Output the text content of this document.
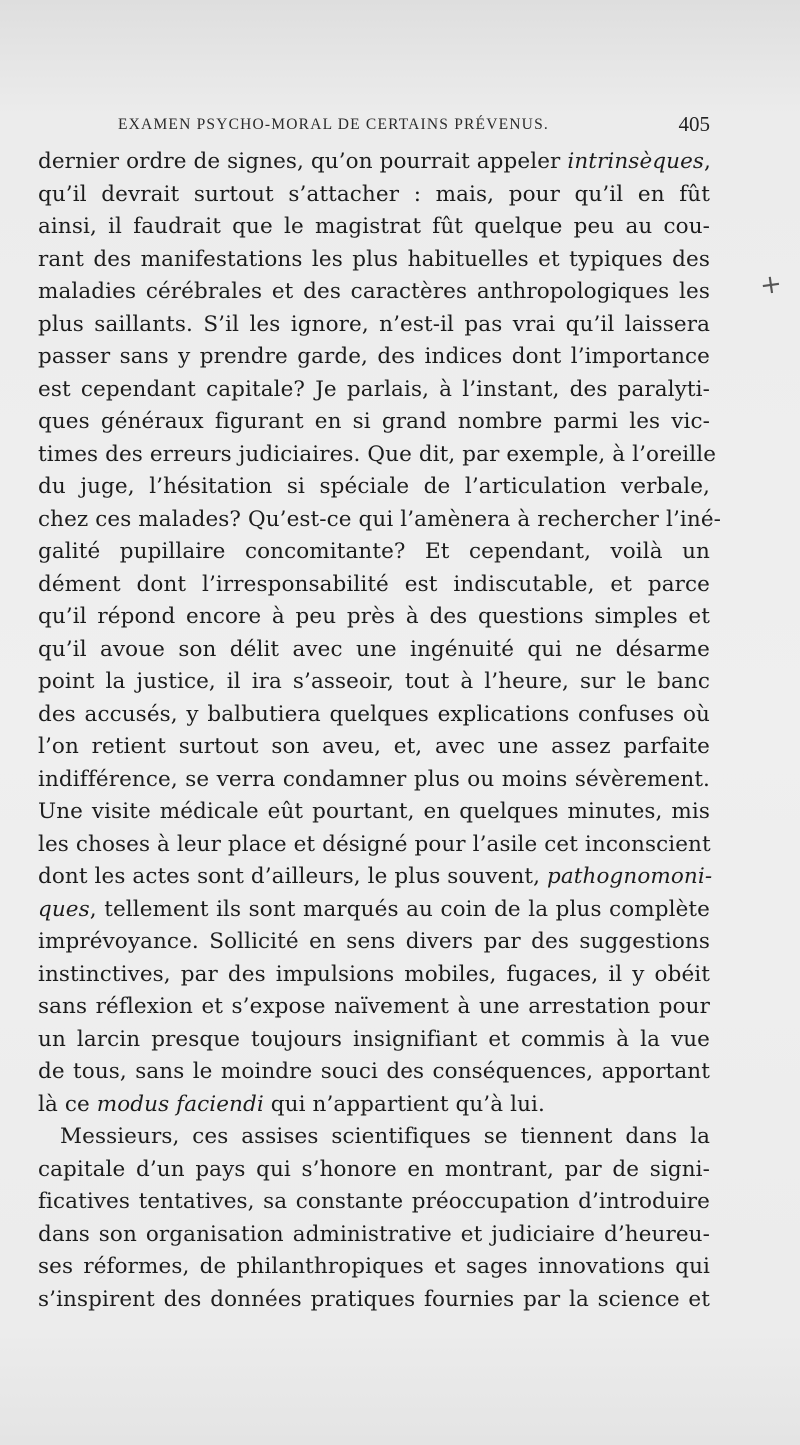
EXAMEN PSYCHO-MORAL DE CERTAINS PRÉVENUS.	405
dernier ordre de signes, qu’on pourrait appeler intrinsèques,
qu’il devrait surtout s’attacher : mais, pour qu’il en fût
ainsi, il faudrait que le magistrat fût quelque peu au cou-
rant des manifestations les plus habituelles et typiques des
maladies cérébrales et des caractères anthropologiques les
plus saillants. S’il les ignore, n’est-il pas vrai qu’il laissera
passer sans y prendre garde, des indices dont l’importance
est cependant capitale? Je parlais, à l’instant, des paralyti-
ques généraux figurant en si grand nombre parmi les vic-
times des erreurs judiciaires. Que dit, par exemple, à l’oreille
du juge, l’hésitation si spéciale de l’articulation verbale,
chez ces malades? Qu’est-ce qui l’amènera à rechercher l’iné-
galité pupillaire concomitante? Et cependant, voilà un
dément dont l’irresponsabilité est indiscutable, et parce
qu’il répond encore à peu près à des questions simples et
qu’il avoue son délit avec une ingénuité qui ne désarme
point la justice, il ira s’asseoir, tout à l’heure, sur le banc
des accusés, y balbutiera quelques explications confuses où
l’on retient surtout son aveu, et, avec une assez parfaite
indifférence, se verra condamner plus ou moins sévèrement.
Une visite médicale eût pourtant, en quelques minutes, mis
les choses à leur place et désigné pour l’asile cet inconscient
dont les actes sont d’ailleurs, le plus souvent, pathognomoni-
ques, tellement ils sont marqués au coin de la plus complète
imprévoyance. Sollicité en sens divers par des suggestions
instinctives, par des impulsions mobiles, fugaces, il y obéit
sans réflexion et s’expose naïvement à une arrestation pour
un larcin presque toujours insignifiant et commis à la vue
de tous, sans le moindre souci des conséquences, apportant
là ce modus faciendi qui n’appartient qu’à lui.
Messieurs, ces assises scientifiques se tiennent dans la
capitale d’un pays qui s’honore en montrant, par de signi-
ficatives tentatives, sa constante préoccupation d’introduire
dans son organisation administrative et judiciaire d’heureu-
ses réformes, de philanthropiques et sages innovations qui
s’inspirent des données pratiques fournies par la science et
+
